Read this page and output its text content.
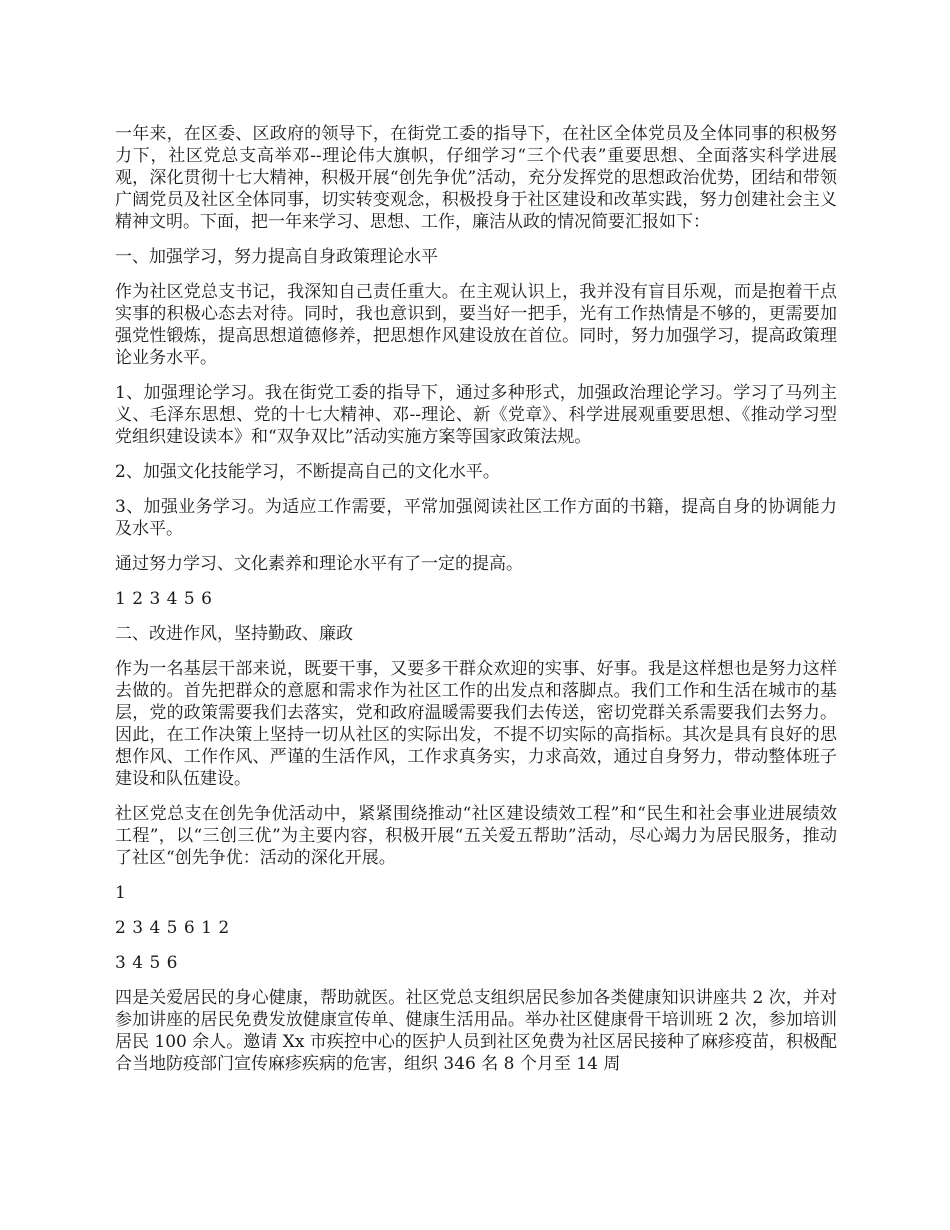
一年来，在区委、区政府的领导下，在街党工委的指导下，在社区全体党员及全体同事的积极努力下，社区党总支高举邓--理论伟大旗帜，仔细学习“三个代表”重要思想、全面落实科学进展观，深化贯彻十七大精神，积极开展“创先争优”活动，充分发挥党的思想政治优势，团结和带领广阔党员及社区全体同事，切实转变观念，积极投身于社区建设和改革实践，努力创建社会主义精神文明。下面，把一年来学习、思想、工作，廉洁从政的情况简要汇报如下：

一、加强学习，努力提高自身政策理论水平

作为社区党总支书记，我深知自己责任重大。在主观认识上，我并没有盲目乐观，而是抱着干点实事的积极心态去对待。同时，我也意识到，要当好一把手，光有工作热情是不够的，更需要加强党性锻炼，提高思想道德修养，把思想作风建设放在首位。同时，努力加强学习，提高政策理论业务水平。

1、加强理论学习。我在街党工委的指导下，通过多种形式，加强政治理论学习。学习了马列主义、毛泽东思想、党的十七大精神、邓--理论、新《党章》、科学进展观重要思想、《推动学习型党组织建设读本》和“双争双比”活动实施方案等国家政策法规。

2、加强文化技能学习，不断提高自己的文化水平。

3、加强业务学习。为适应工作需要，平常加强阅读社区工作方面的书籍，提高自身的协调能力及水平。

通过努力学习、文化素养和理论水平有了一定的提高。

1 2 3 4 5 6

二、改进作风，坚持勤政、廉政

作为一名基层干部来说，既要干事，又要多干群众欢迎的实事、好事。我是这样想也是努力这样去做的。首先把群众的意愿和需求作为社区工作的出发点和落脚点。我们工作和生活在城市的基层，党的政策需要我们去落实，党和政府温暖需要我们去传送，密切党群关系需要我们去努力。因此，在工作决策上坚持一切从社区的实际出发，不提不切实际的高指标。其次是具有良好的思想作风、工作作风、严谨的生活作风，工作求真务实，力求高效，通过自身努力，带动整体班子建设和队伍建设。

社区党总支在创先争优活动中，紧紧围绕推动“社区建设绩效工程”和“民生和社会事业进展绩效工程”，以“三创三优”为主要内容，积极开展“五关爱五帮助”活动，尽心竭力为居民服务，推动了社区“创先争优：活动的深化开展。

1

2 3 4 5 6 1 2

3 4 5 6

四是关爱居民的身心健康，帮助就医。社区党总支组织居民参加各类健康知识讲座共 2 次，并对参加讲座的居民免费发放健康宣传单、健康生活用品。举办社区健康骨干培训班 2 次，参加培训居民 100 余人。邀请 Xx 市疾控中心的医护人员到社区免费为社区居民接种了麻疹疫苗，积极配合当地防疫部门宣传麻疹疾病的危害，组织 346 名 8 个月至 14 周
